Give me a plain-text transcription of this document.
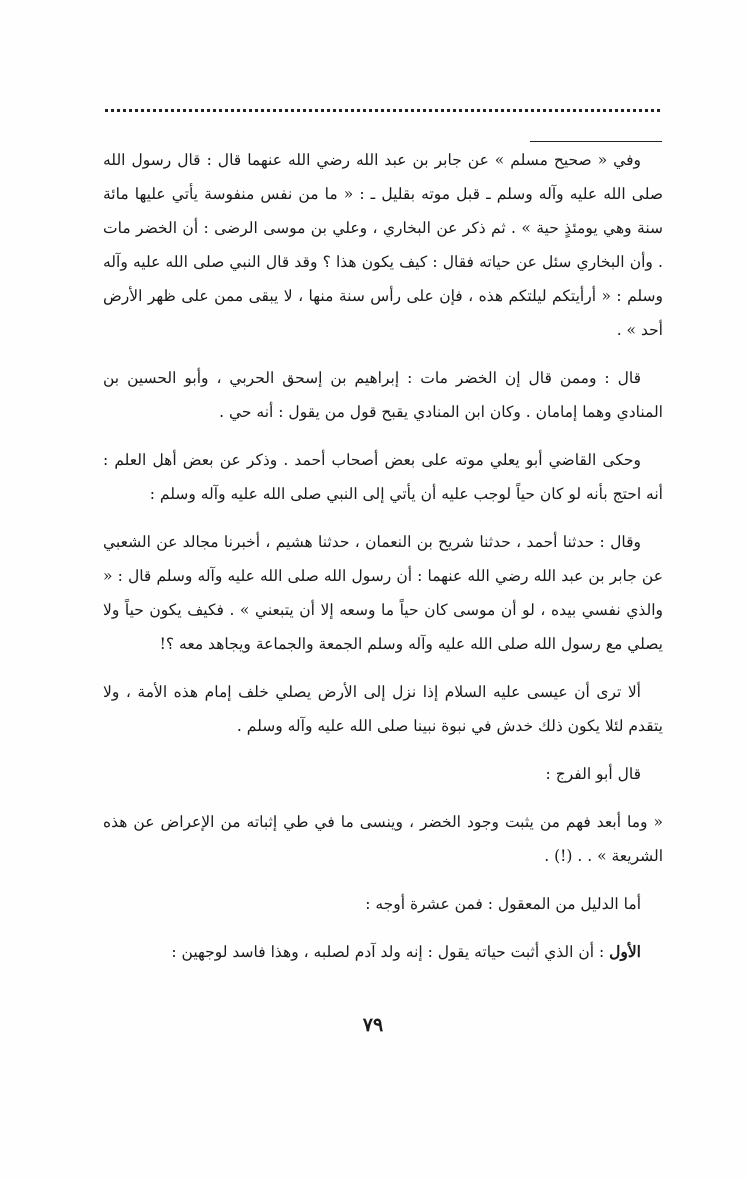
وفي « صحيح مسلم » عن جابر بن عبد الله رضي الله عنهما قال : قال رسول الله صلى الله عليه وآله وسلم ـ قبل موته بقليل ـ : « ما من نفس منفوسة يأتي عليها مائة سنة وهي يومئذٍ حية » . ثم ذكر عن البخاري ، وعلي بن موسى الرضى : أن الخضر مات . وأن البخاري سئل عن حياته فقال : كيف يكون هذا ؟ وقد قال النبي صلى الله عليه وآله وسلم : « أرأيتكم ليلتكم هذه ، فإن على رأس سنة منها ، لا يبقى ممن على ظهر الأرض أحد » .

قال : وممن قال إن الخضر مات : إبراهيم بن إسحق الحربي ، وأبو الحسين بن المنادي وهما إمامان . وكان ابن المنادي يقبح قول من يقول : أنه حي .

وحكى القاضي أبو يعلي موته على بعض أصحاب أحمد . وذكر عن بعض أهل العلم : أنه احتج بأنه لو كان حياً لوجب عليه أن يأتي إلى النبي صلى الله عليه وآله وسلم :

وقال : حدثنا أحمد ، حدثنا شريح بن النعمان ، حدثنا هشيم ، أخبرنا مجالد عن الشعبي عن جابر بن عبد الله رضي الله عنهما : أن رسول الله صلى الله عليه وآله وسلم قال : « والذي نفسي بيده ، لو أن موسى كان حياً ما وسعه إلا أن يتبعني » . فكيف يكون حياً ولا يصلي مع رسول الله صلى الله عليه وآله وسلم الجمعة والجماعة ويجاهد معه ؟!

ألا ترى أن عيسى عليه السلام إذا نزل إلى الأرض يصلي خلف إمام هذه الأمة ، ولا يتقدم لئلا يكون ذلك خدش في نبوة نبينا صلى الله عليه وآله وسلم .

قال أبو الفرج :

« وما أبعد فهم من يثبت وجود الخضر ، وينسى ما في طي إثباته من الإعراض عن هذه الشريعة » . . (!) .

أما الدليل من المعقول : فمن عشرة أوجه :

الأول : أن الذي أثبت حياته يقول : إنه ولد آدم لصلبه ، وهذا فاسد لوجهين :

٧٩
